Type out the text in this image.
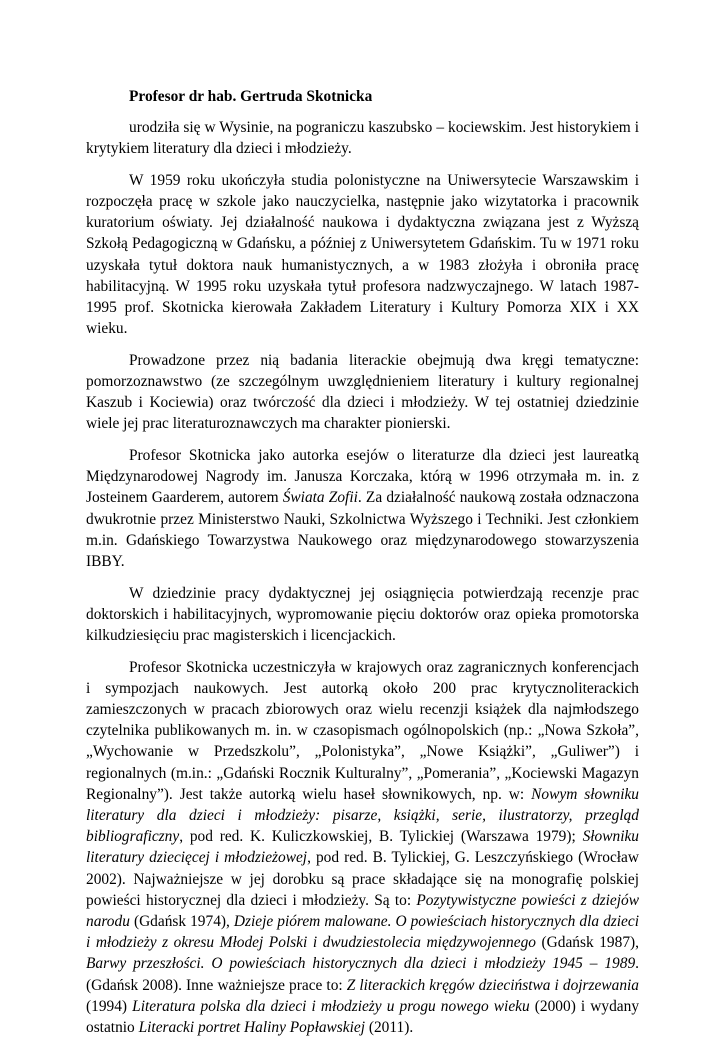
Profesor dr hab. Gertruda Skotnicka

urodziła się w Wysinie, na pograniczu kaszubsko – kociewskim. Jest historykiem i krytykiem literatury dla dzieci i młodzieży.

W 1959 roku ukończyła studia polonistyczne na Uniwersytecie Warszawskim i rozpoczęła pracę w szkole jako nauczycielka, następnie jako wizytatorka i pracownik kuratorium oświaty. Jej działalność naukowa i dydaktyczna związana jest z Wyższą Szkołą Pedagogiczną w Gdańsku, a później z Uniwersytetem Gdańskim. Tu w 1971 roku uzyskała tytuł doktora nauk humanistycznych, a w 1983 złożyła i obroniła pracę habilitacyjną. W 1995 roku uzyskała tytuł profesora nadzwyczajnego. W latach 1987-1995 prof. Skotnicka kierowała Zakładem Literatury i Kultury Pomorza XIX i XX wieku.

Prowadzone przez nią badania literackie obejmują dwa kręgi tematyczne: pomorzoznawstwo (ze szczególnym uwzględnieniem literatury i kultury regionalnej Kaszub i Kociewia) oraz twórczość dla dzieci i młodzieży. W tej ostatniej dziedzinie wiele jej prac literaturoznawczych ma charakter pionierski.

Profesor Skotnicka jako autorka esejów o literaturze dla dzieci jest laureatką Międzynarodowej Nagrody im. Janusza Korczaka, którą w 1996 otrzymała m. in. z Josteinem Gaarderem, autorem Świata Zofii. Za działalność naukową została odznaczona dwukrotnie przez Ministerstwo Nauki, Szkolnictwa Wyższego i Techniki. Jest członkiem m.in. Gdańskiego Towarzystwa Naukowego oraz międzynarodowego stowarzyszenia IBBY.

W dziedzinie pracy dydaktycznej jej osiągnięcia potwierdzają recenzje prac doktorskich i habilitacyjnych, wypromowanie pięciu doktorów oraz opieka promotorska kilkudziesięciu prac magisterskich i licencjackich.

Profesor Skotnicka uczestniczyła w krajowych oraz zagranicznych konferencjach i sympozjach naukowych. Jest autorką około 200 prac krytycznoliterackich zamieszczonych w pracach zbiorowych oraz wielu recenzji książek dla najmłodszego czytelnika publikowanych m. in. w czasopismach ogólnopolskich (np.: „Nowa Szkoła”, „Wychowanie w Przedszkolu”, „Polonistyka”, „Nowe Książki”, „Guliwer”) i regionalnych (m.in.: „Gdański Rocznik Kulturalny”, „Pomerania”, „Kociewski Magazyn Regionalny”). Jest także autorką wielu haseł słownikowych, np. w: Nowym słowniku literatury dla dzieci i młodzieży: pisarze, książki, serie, ilustratorzy, przegląd bibliograficzny, pod red. K. Kuliczkowskiej, B. Tylickiej (Warszawa 1979); Słowniku literatury dziecięcej i młodzieżowej, pod red. B. Tylickiej, G. Leszczyńskiego (Wrocław 2002). Najważniejsze w jej dorobku są prace składające się na monografię polskiej powieści historycznej dla dzieci i młodzieży. Są to: Pozytywistyczne powieści z dziejów narodu (Gdańsk 1974), Dzieje piórem malowane. O powieściach historycznych dla dzieci i młodzieży z okresu Młodej Polski i dwudziestolecia międzywojennego (Gdańsk 1987), Barwy przeszłości. O powieściach historycznych dla dzieci i młodzieży 1945 – 1989. (Gdańsk 2008). Inne ważniejsze prace to: Z literackich kręgów dzieciństwa i dojrzewania (1994) Literatura polska dla dzieci i młodzieży u progu nowego wieku (2000) i wydany ostatnio Literacki portret Haliny Popławskiej (2011).
